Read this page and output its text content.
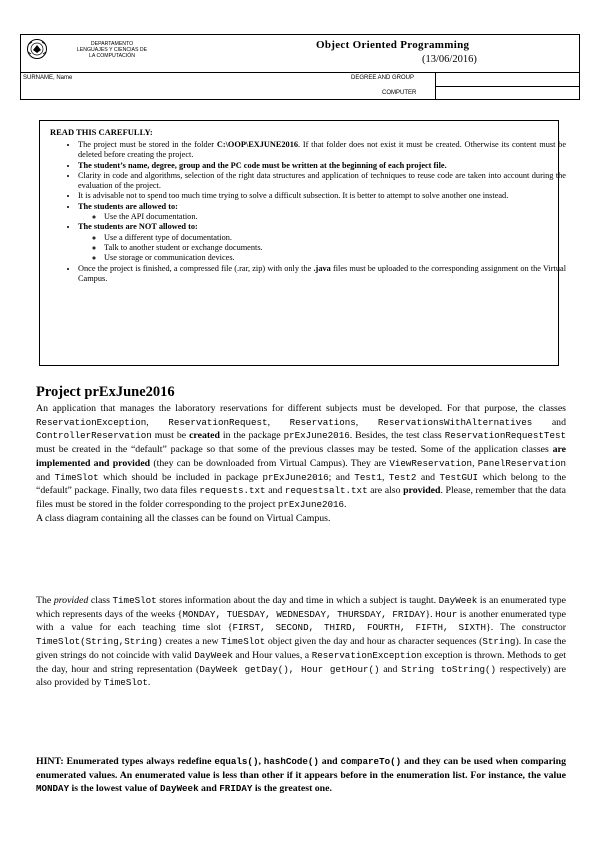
DEPARTAMENTO
LENGUAJES Y CIENCIAS DE
LA COMPUTACIÓN
Object Oriented Programming
(13/06/2016)
SURNAME, Name	DEGREE AND GROUP
COMPUTER
READ THIS CAREFULLY:
• The project must be stored in the folder C:\OOP\EXJUNE2016. If that folder does not exist it must be created. Otherwise its content must be deleted before creating the project.
• The student’s name, degree, group and the PC code must be written at the beginning of each project file.
• Clarity in code and algorithms, selection of the right data structures and application of techniques to reuse code are taken into account during the evaluation of the project.
• It is advisable not to spend too much time trying to solve a difficult subsection. It is better to attempt to solve another one instead.
• The students are allowed to:
◦ Use the API documentation.
• The students are NOT allowed to:
◦ Use a different type of documentation.
◦ Talk to another student or exchange documents.
◦ Use storage or communication devices.
• Once the project is finished, a compressed file (.rar, zip) with only the .java files must be uploaded to the corresponding assignment on the Virtual Campus.
Project prExJune2016
An application that manages the laboratory reservations for different subjects must be developed. For that purpose, the classes ReservationException, ReservationRequest, Reservations, ReservationsWithAlternatives and ControllerReservation must be created in the package prExJune2016. Besides, the test class ReservationRequestTest must be created in the “default” package so that some of the previous classes may be tested. Some of the application classes are implemented and provided (they can be downloaded from Virtual Campus). They are ViewReservation, PanelReservation and TimeSlot which should be included in package prExJune2016; and Test1, Test2 and TestGUI which belong to the “default” package. Finally, two data files requests.txt and requestsalt.txt are also provided. Please, remember that the data files must be stored in the folder corresponding to the project prExJune2016.
A class diagram containing all the classes can be found on Virtual Campus.
The provided class TimeSlot stores information about the day and time in which a subject is taught. DayWeek is an enumerated type which represents days of the weeks {MONDAY, TUESDAY, WEDNESDAY, THURSDAY, FRIDAY}. Hour is another enumerated type with a value for each teaching time slot {FIRST, SECOND, THIRD, FOURTH, FIFTH, SIXTH}. The constructor TimeSlot(String,String) creates a new TimeSlot object given the day and hour as character sequences (String). In case the given strings do not coincide with valid DayWeek and Hour values, a ReservationException exception is thrown. Methods to get the day, hour and string representation (DayWeek getDay(), Hour getHour() and String toString() respectively) are also provided by TimeSlot.
HINT: Enumerated types always redefine equals(), hashCode() and compareTo() and they can be used when comparing enumerated values. An enumerated value is less than other if it appears before in the enumeration list. For instance, the value MONDAY is the lowest value of DayWeek and FRIDAY is the greatest one.
